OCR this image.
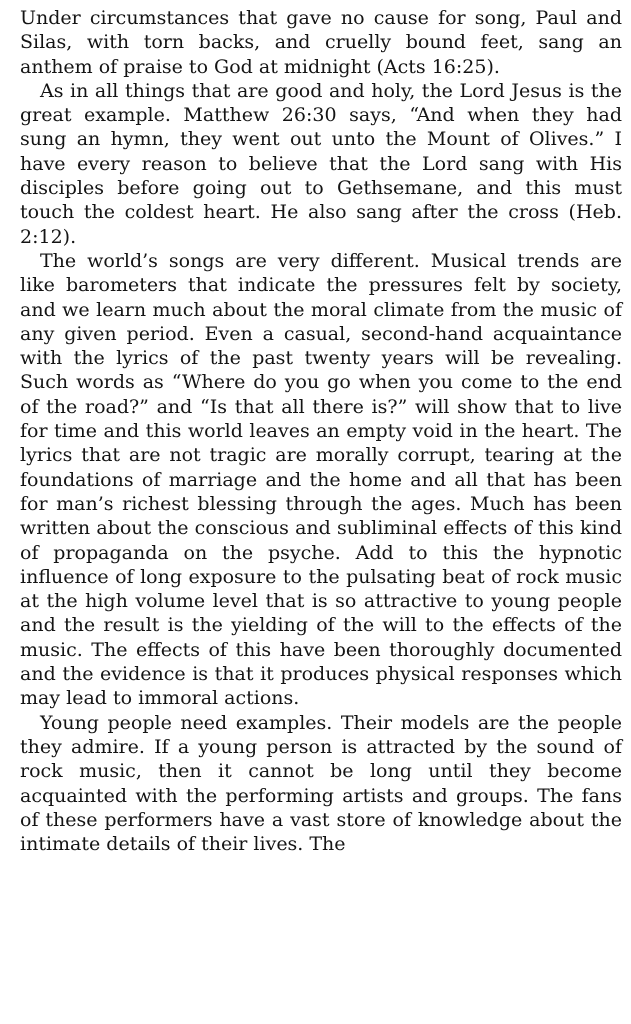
Under circumstances that gave no cause for song, Paul and Silas, with torn backs, and cruelly bound feet, sang an anthem of praise to God at midnight (Acts 16:25).

As in all things that are good and holy, the Lord Jesus is the great example. Matthew 26:30 says, “And when they had sung an hymn, they went out unto the Mount of Olives.” I have every reason to believe that the Lord sang with His disciples before going out to Gethsemane, and this must touch the coldest heart. He also sang after the cross (Heb. 2:12).

The world’s songs are very different. Musical trends are like barometers that indicate the pressures felt by society, and we learn much about the moral climate from the music of any given period. Even a casual, second-hand acquaintance with the lyrics of the past twenty years will be revealing. Such words as “Where do you go when you come to the end of the road?” and “Is that all there is?” will show that to live for time and this world leaves an empty void in the heart. The lyrics that are not tragic are morally corrupt, tearing at the foundations of marriage and the home and all that has been for man’s richest blessing through the ages. Much has been written about the conscious and subliminal effects of this kind of propaganda on the psyche. Add to this the hypnotic influence of long exposure to the pulsating beat of rock music at the high volume level that is so attractive to young people and the result is the yielding of the will to the effects of the music. The effects of this have been thoroughly documented and the evidence is that it produces physical responses which may lead to immoral actions.

Young people need examples. Their models are the people they admire. If a young person is attracted by the sound of rock music, then it cannot be long until they become acquainted with the performing artists and groups. The fans of these performers have a vast store of knowledge about the intimate details of their lives. The
